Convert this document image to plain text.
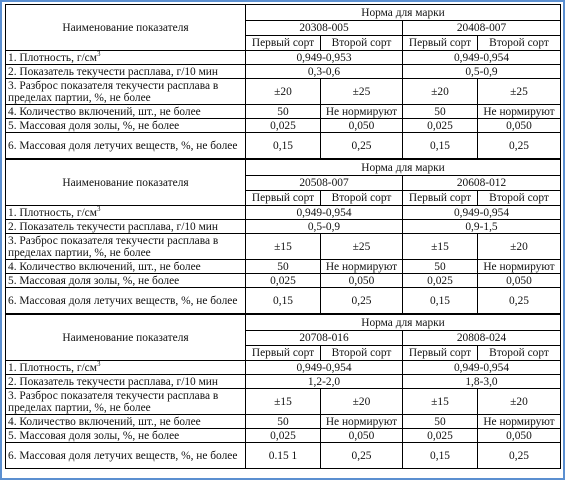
Наименование показателя	Норма для марки			
	20308-005		20408-007	
	Первый сорт	Второй сорт	Первый сорт	Второй сорт
1. Плотность, $г/см^3$	0,949-0,953		0,949-0,954	
2. Показатель текучести расплава, г/10 мин	0,3-0,6		0,5-0,9	
3. Разброс показателя текучести расплава в пределах партии, %, не более	±20	±25	±20	±25
4. Количество включений, шт., не более	50	Не нормируют	50	Не нормируют
5. Массовая доля золы, %, не более	0,025	0,050	0,025	0,050
6. Массовая доля летучих веществ, %, не более	0,15	0,25	0,15	0,25
Наименование показателя	Норма для марки			
	20508-007		20608-012	
	Первый сорт	Второй сорт	Первый сорт	Второй сорт
1. Плотность, $г/см^3$	0,949-0,954		0,949-0,954	
2. Показатель текучести расплава, г/10 мин	0,5-0,9		0,9-1,5	
3. Разброс показателя текучести расплава в пределах партии, %, не более	±15	±25	±15	±20
4. Количество включений, шт., не более	50	Не нормируют	50	Не нормируют
5. Массовая доля золы, %, не более	0,025	0,050	0,025	0,050
6. Массовая доля летучих веществ, %, не более	0,15	0,25	0,15	0,25
Наименование показателя	Норма для марки			
	20708-016		20808-024	
	Первый сорт	Второй сорт	Первый сорт	Второй сорт
1. Плотность, $г/см^3$	0,949-0,954		0,949-0,954	
2. Показатель текучести расплава, г/10 мин	1,2-2,0		1,8-3,0	
3. Разброс показателя текучести расплава в пределах партии, %, не более	±15	±20	±15	±20
4. Количество включений, шт., не более	50	Не нормируют	50	Не нормируют
5. Массовая доля золы, %, не более	0,025	0,050	0,025	0,050
6. Массовая доля летучих веществ, %, не более	0.15 1	0,25	0,15	0,25
